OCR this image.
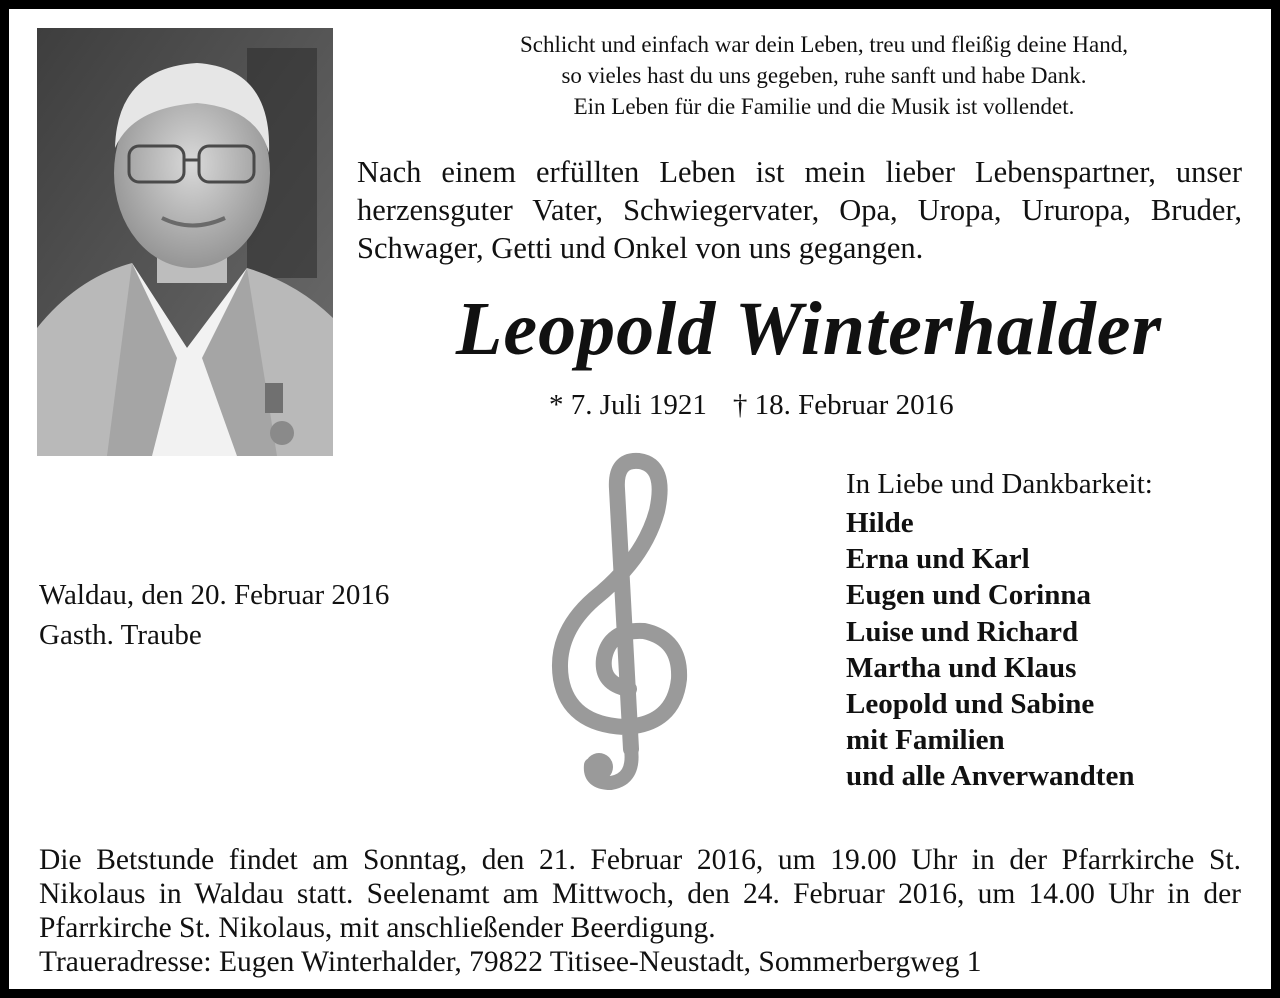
Schlicht und einfach war dein Leben, treu und fleißig deine Hand,
so vieles hast du uns gegeben, ruhe sanft und habe Dank.
Ein Leben für die Familie und die Musik ist vollendet.
Nach einem erfüllten Leben ist mein lieber Lebenspartner, unser herzensguter Vater, Schwiegervater, Opa, Uropa, Ururopa, Bruder, Schwager, Getti und Onkel von uns gegangen.
Leopold Winterhalder
* 7. Juli 1921 † 18. Februar 2016
Waldau, den 20. Februar 2016
Gasth. Traube
In Liebe und Dankbarkeit:
Hilde
Erna und Karl
Eugen und Corinna
Luise und Richard
Martha und Klaus
Leopold und Sabine
mit Familien
und alle Anverwandten
Die Betstunde findet am Sonntag, den 21. Februar 2016, um 19.00 Uhr in der Pfarrkirche St. Nikolaus in Waldau statt. Seelenamt am Mittwoch, den 24. Februar 2016, um 14.00 Uhr in der Pfarrkirche St. Nikolaus, mit anschließender Beerdigung.
Traueradresse: Eugen Winterhalder, 79822 Titisee-Neustadt, Sommerbergweg 1
